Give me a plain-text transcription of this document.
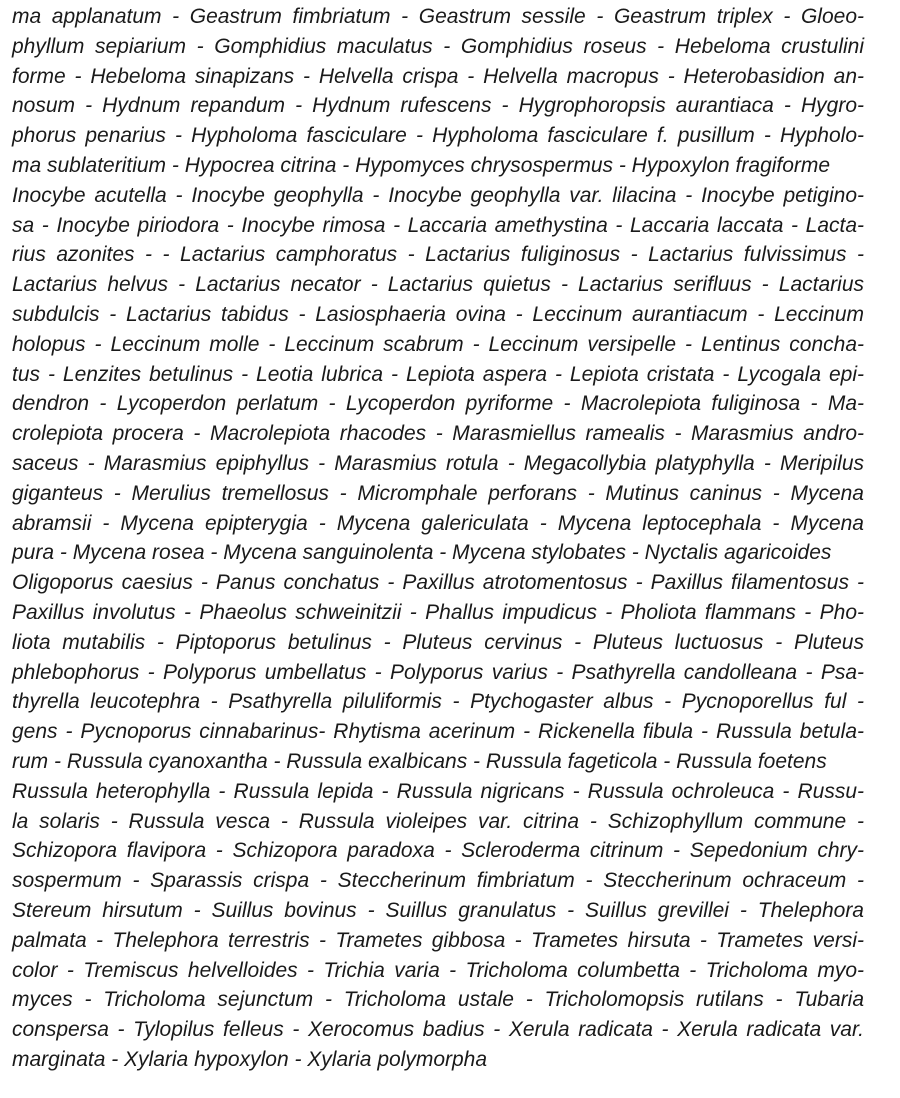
ma applanatum - Geastrum fimbriatum - Geastrum sessile - Geastrum triplex - Gloeo-
phyllum sepiarium - Gomphidius maculatus - Gomphidius roseus - Hebeloma crustulini
forme - Hebeloma sinapizans - Helvella crispa - Helvella macropus - Heterobasidion an-
nosum - Hydnum repandum - Hydnum rufescens - Hygrophoropsis aurantiaca - Hygro-
phorus penarius - Hypholoma fasciculare - Hypholoma fasciculare f. pusillum - Hypholo-
ma sublateritium - Hypocrea citrina - Hypomyces chrysospermus - Hypoxylon fragiforme
Inocybe acutella - Inocybe geophylla - Inocybe geophylla var. lilacina - Inocybe petigino-
sa - Inocybe piriodora - Inocybe rimosa - Laccaria amethystina - Laccaria laccata - Lacta-
rius azonites - - Lactarius camphoratus - Lactarius fuliginosus - Lactarius fulvissimus -
Lactarius helvus - Lactarius necator - Lactarius quietus - Lactarius serifluus - Lactarius
subdulcis - Lactarius tabidus - Lasiosphaeria ovina - Leccinum aurantiacum - Leccinum
holopus - Leccinum molle - Leccinum scabrum - Leccinum versipelle - Lentinus concha-
tus - Lenzites betulinus - Leotia lubrica - Lepiota aspera - Lepiota cristata - Lycogala epi-
dendron - Lycoperdon perlatum - Lycoperdon pyriforme - Macrolepiota fuliginosa - Ma-
crolepiota procera - Macrolepiota rhacodes - Marasmiellus ramealis - Marasmius andro-
saceus - Marasmius epiphyllus - Marasmius rotula - Megacollybia platyphylla - Meripilus
giganteus - Merulius tremellosus - Micromphale perforans - Mutinus caninus - Mycena
abramsii - Mycena epipterygia - Mycena galericulata - Mycena leptocephala - Mycena
pura - Mycena rosea - Mycena sanguinolenta - Mycena stylobates - Nyctalis agaricoides
Oligoporus caesius - Panus conchatus - Paxillus atrotomentosus - Paxillus filamentosus -
Paxillus involutus - Phaeolus schweinitzii - Phallus impudicus - Pholiota flammans - Pho-
liota mutabilis - Piptoporus betulinus - Pluteus cervinus - Pluteus luctuosus - Pluteus
phlebophorus - Polyporus umbellatus - Polyporus varius - Psathyrella candolleana - Psa-
thyrella leucotephra - Psathyrella piluliformis - Ptychogaster albus - Pycnoporellus ful -
gens - Pycnoporus cinnabarinus- Rhytisma acerinum - Rickenella fibula - Russula betula-
rum - Russula cyanoxantha - Russula exalbicans - Russula fageticola - Russula foetens
Russula heterophylla - Russula lepida - Russula nigricans - Russula ochroleuca - Russu-
la solaris - Russula vesca - Russula violeipes var. citrina - Schizophyllum commune -
Schizopora flavipora - Schizopora paradoxa - Scleroderma citrinum - Sepedonium chry-
sospermum - Sparassis crispa - Steccherinum fimbriatum - Steccherinum ochraceum -
Stereum hirsutum - Suillus bovinus - Suillus granulatus - Suillus grevillei - Thelephora
palmata - Thelephora terrestris - Trametes gibbosa - Trametes hirsuta - Trametes versi-
color - Tremiscus helvelloides - Trichia varia - Tricholoma columbetta - Tricholoma myo-
myces - Tricholoma sejunctum - Tricholoma ustale - Tricholomopsis rutilans - Tubaria
conspersa - Tylopilus felleus - Xerocomus badius - Xerula radicata - Xerula radicata var.
marginata - Xylaria hypoxylon - Xylaria polymorpha
